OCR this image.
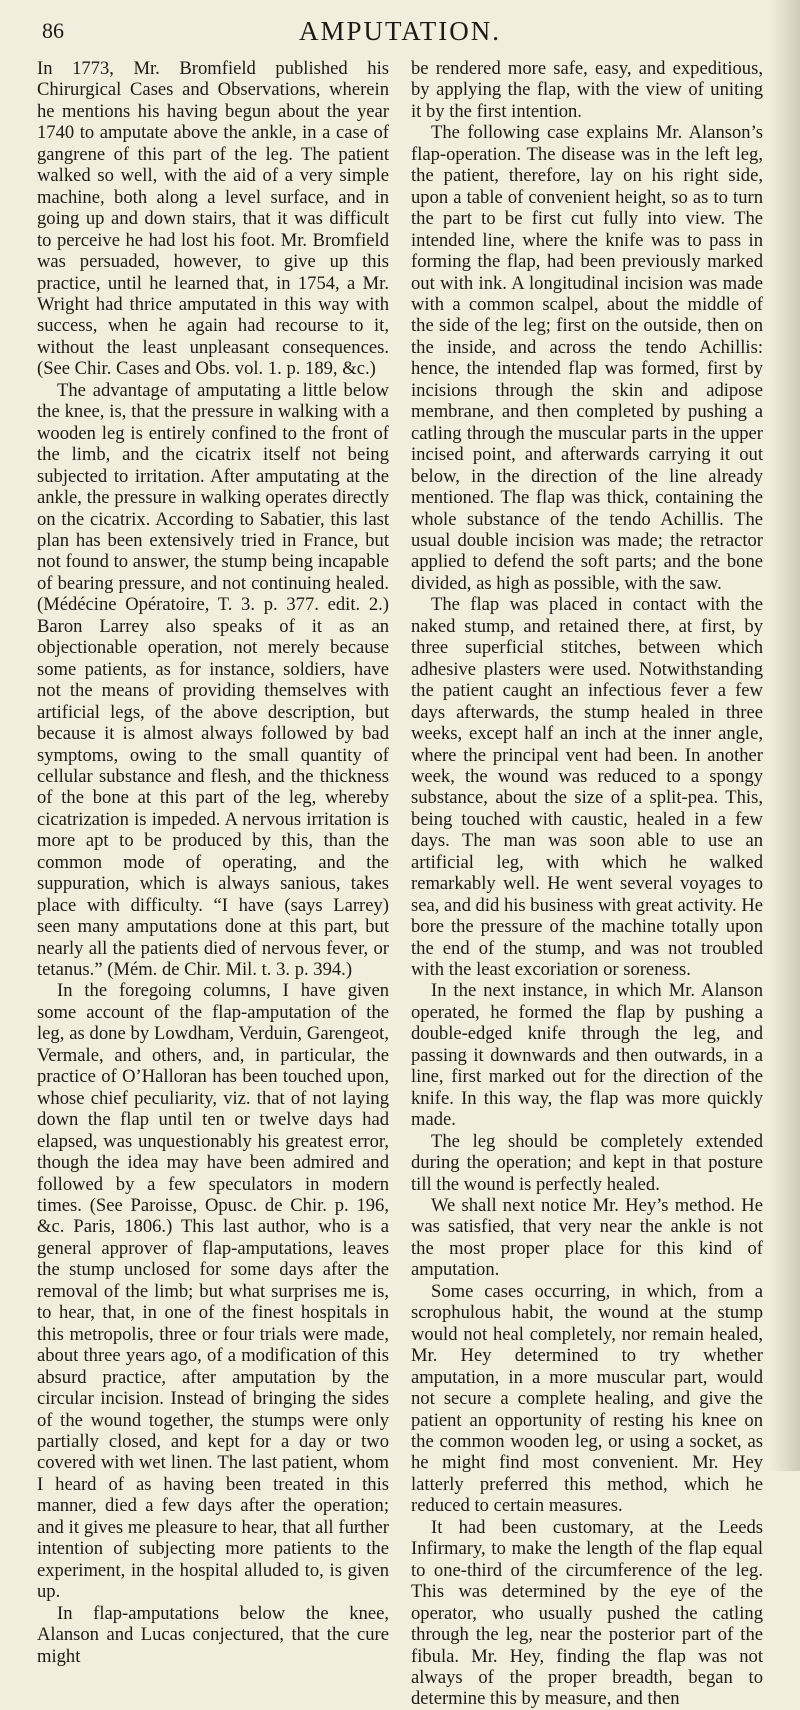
86	AMPUTATION.

In 1773, Mr. Bromfield published his Chirurgical Cases and Observations, wherein he mentions his having begun about the year 1740 to amputate above the ankle, in a case of gangrene of this part of the leg. The patient walked so well, with the aid of a very simple machine, both along a level surface, and in going up and down stairs, that it was difficult to perceive he had lost his foot. Mr. Bromfield was persuaded, however, to give up this practice, until he learned that, in 1754, a Mr. Wright had thrice amputated in this way with success, when he again had recourse to it, without the least unpleasant consequences. (See Chir. Cases and Obs. vol. 1. p. 189, &c.)

The advantage of amputating a little below the knee, is, that the pressure in walking with a wooden leg is entirely confined to the front of the limb, and the cicatrix itself not being subjected to irritation. After amputating at the ankle, the pressure in walking operates directly on the cicatrix. According to Sabatier, this last plan has been extensively tried in France, but not found to answer, the stump being incapable of bearing pressure, and not continuing healed. (Médécine Opératoire, T. 3. p. 377. edit. 2.) Baron Larrey also speaks of it as an objectionable operation, not merely because some patients, as for instance, soldiers, have not the means of providing themselves with artificial legs, of the above description, but because it is almost always followed by bad symptoms, owing to the small quantity of cellular substance and flesh, and the thickness of the bone at this part of the leg, whereby cicatrization is impeded. A nervous irritation is more apt to be produced by this, than the common mode of operating, and the suppuration, which is always sanious, takes place with difficulty. “I have (says Larrey) seen many amputations done at this part, but nearly all the patients died of nervous fever, or tetanus.” (Mém. de Chir. Mil. t. 3. p. 394.)

In the foregoing columns, I have given some account of the flap-amputation of the leg, as done by Lowdham, Verduin, Garengeot, Vermale, and others, and, in particular, the practice of O’Halloran has been touched upon, whose chief peculiarity, viz. that of not laying down the flap until ten or twelve days had elapsed, was unquestionably his greatest error, though the idea may have been admired and followed by a few speculators in modern times. (See Paroisse, Opusc. de Chir. p. 196, &c. Paris, 1806.) This last author, who is a general approver of flap-amputations, leaves the stump unclosed for some days after the removal of the limb; but what surprises me is, to hear, that, in one of the finest hospitals in this metropolis, three or four trials were made, about three years ago, of a modification of this absurd practice, after amputation by the circular incision. Instead of bringing the sides of the wound together, the stumps were only partially closed, and kept for a day or two covered with wet linen. The last patient, whom I heard of as having been treated in this manner, died a few days after the operation; and it gives me pleasure to hear, that all further intention of subjecting more patients to the experiment, in the hospital alluded to, is given up.

In flap-amputations below the knee, Alanson and Lucas conjectured, that the cure might

be rendered more safe, easy, and expeditious, by applying the flap, with the view of uniting it by the first intention.

The following case explains Mr. Alanson’s flap-operation. The disease was in the left leg, the patient, therefore, lay on his right side, upon a table of convenient height, so as to turn the part to be first cut fully into view. The intended line, where the knife was to pass in forming the flap, had been previously marked out with ink. A longitudinal incision was made with a common scalpel, about the middle of the side of the leg; first on the outside, then on the inside, and across the tendo Achillis: hence, the intended flap was formed, first by incisions through the skin and adipose membrane, and then completed by pushing a catling through the muscular parts in the upper incised point, and afterwards carrying it out below, in the direction of the line already mentioned. The flap was thick, containing the whole substance of the tendo Achillis. The usual double incision was made; the retractor applied to defend the soft parts; and the bone divided, as high as possible, with the saw.

The flap was placed in contact with the naked stump, and retained there, at first, by three superficial stitches, between which adhesive plasters were used. Notwithstanding the patient caught an infectious fever a few days afterwards, the stump healed in three weeks, except half an inch at the inner angle, where the principal vent had been. In another week, the wound was reduced to a spongy substance, about the size of a split-pea. This, being touched with caustic, healed in a few days. The man was soon able to use an artificial leg, with which he walked remarkably well. He went several voyages to sea, and did his business with great activity. He bore the pressure of the machine totally upon the end of the stump, and was not troubled with the least excoriation or soreness.

In the next instance, in which Mr. Alanson operated, he formed the flap by pushing a double-edged knife through the leg, and passing it downwards and then outwards, in a line, first marked out for the direction of the knife. In this way, the flap was more quickly made.

The leg should be completely extended during the operation; and kept in that posture till the wound is perfectly healed.

We shall next notice Mr. Hey’s method. He was satisfied, that very near the ankle is not the most proper place for this kind of amputation.

Some cases occurring, in which, from a scrophulous habit, the wound at the stump would not heal completely, nor remain healed, Mr. Hey determined to try whether amputation, in a more muscular part, would not secure a complete healing, and give the patient an opportunity of resting his knee on the common wooden leg, or using a socket, as he might find most convenient. Mr. Hey latterly preferred this method, which he reduced to certain measures.

It had been customary, at the Leeds Infirmary, to make the length of the flap equal to one-third of the circumference of the leg. This was determined by the eye of the operator, who usually pushed the catling through the leg, near the posterior part of the fibula. Mr. Hey, finding the flap was not always of the proper breadth, began to determine this by measure, and then
